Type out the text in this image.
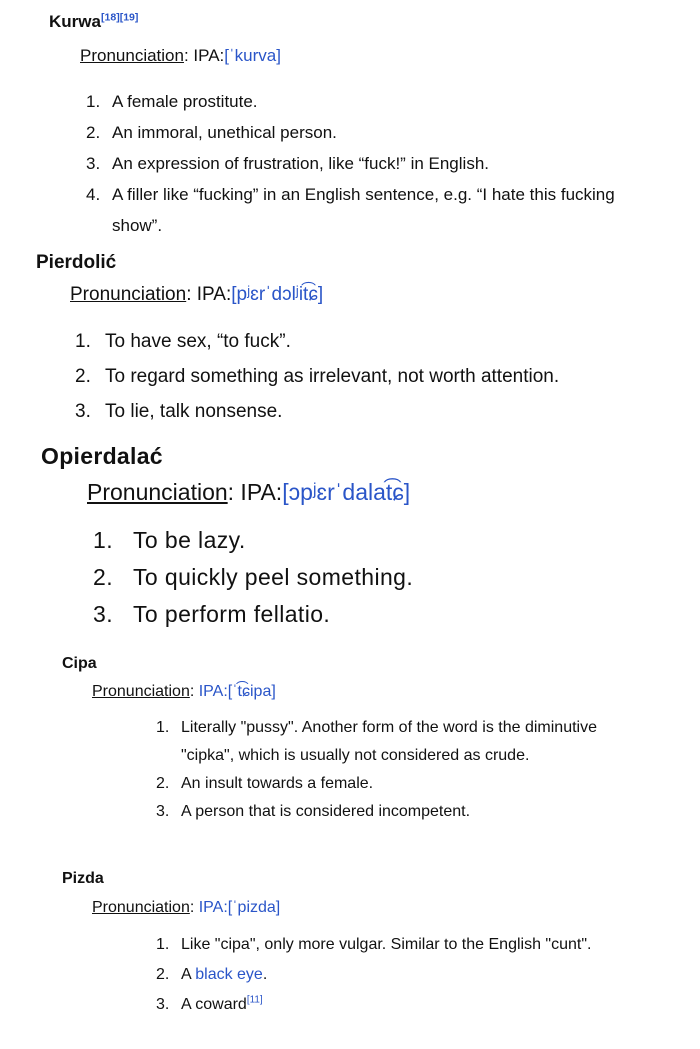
Kurwa[18][19]

Pronunciation: IPA:[ˈkurva]

1. A female prostitute.
2. An immoral, unethical person.
3. An expression of frustration, like “fuck!” in English.
4. A filler like “fucking” in an English sentence, e.g. “I hate this fucking show”.

Pierdolić

Pronunciation: IPA:[pʲɛrˈdɔlʲit͡ɕ]

1. To have sex, “to fuck”.
2. To regard something as irrelevant, not worth attention.
3. To lie, talk nonsense.

Opierdalać

Pronunciation: IPA:[ɔpʲɛrˈdalat͡ɕ]

1. To be lazy.
2. To quickly peel something.
3. To perform fellatio.

Cipa

Pronunciation: IPA:[ˈt͡ɕipa]

1. Literally "pussy". Another form of the word is the diminutive "cipka", which is usually not considered as crude.
2. An insult towards a female.
3. A person that is considered incompetent.

Pizda

Pronunciation: IPA:[ˈpizda]

1. Like "cipa", only more vulgar. Similar to the English "cunt".
2. A black eye.
3. A coward[11]
